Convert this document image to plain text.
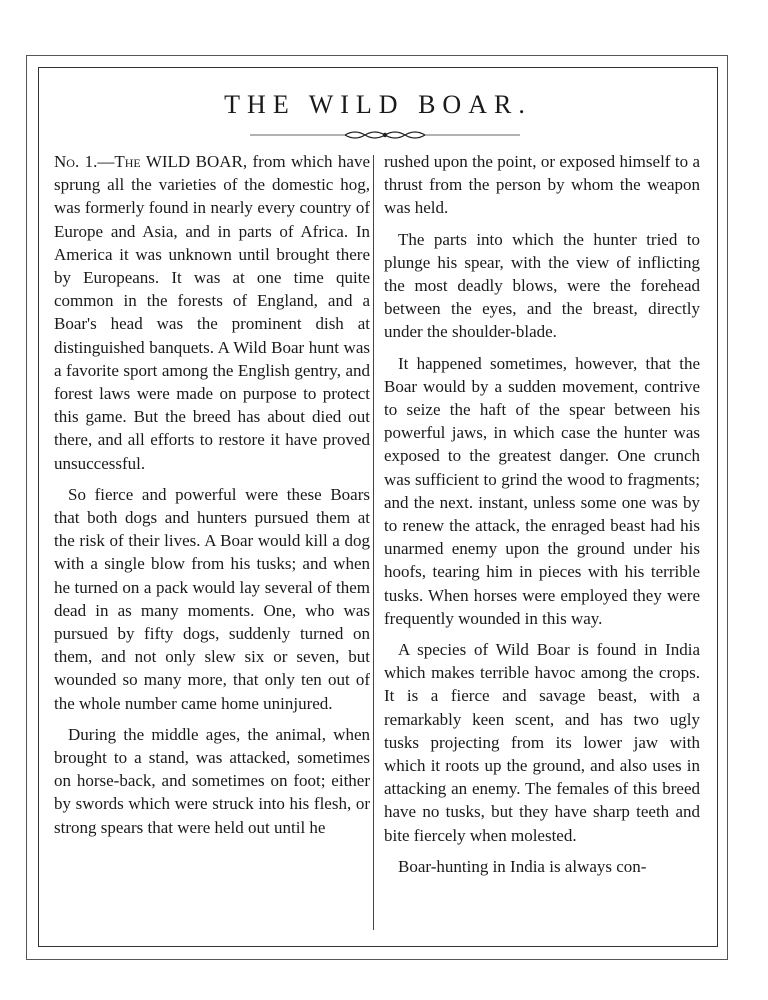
THE WILD BOAR.

No. 1.—The WILD BOAR, from which have sprung all the varieties of the domestic hog, was formerly found in nearly every country of Europe and Asia, and in parts of Africa. In America it was unknown until brought there by Europeans. It was at one time quite common in the forests of England, and a Boar's head was the prominent dish at distinguished banquets. A Wild Boar hunt was a favorite sport among the English gentry, and forest laws were made on purpose to protect this game. But the breed has about died out there, and all efforts to restore it have proved unsuccessful.

So fierce and powerful were these Boars that both dogs and hunters pursued them at the risk of their lives. A Boar would kill a dog with a single blow from his tusks; and when he turned on a pack would lay several of them dead in as many moments. One, who was pursued by fifty dogs, suddenly turned on them, and not only slew six or seven, but wounded so many more, that only ten out of the whole number came home uninjured.

During the middle ages, the animal, when brought to a stand, was attacked, sometimes on horse-back, and sometimes on foot; either by swords which were struck into his flesh, or strong spears that were held out until he

rushed upon the point, or exposed himself to a thrust from the person by whom the weapon was held.

The parts into which the hunter tried to plunge his spear, with the view of inflicting the most deadly blows, were the forehead between the eyes, and the breast, directly under the shoulder-blade.

It happened sometimes, however, that the Boar would by a sudden movement, contrive to seize the haft of the spear between his powerful jaws, in which case the hunter was exposed to the greatest danger. One crunch was sufficient to grind the wood to fragments; and the next. instant, unless some one was by to renew the attack, the enraged beast had his unarmed enemy upon the ground under his hoofs, tearing him in pieces with his terrible tusks. When horses were employed they were frequently wounded in this way.

A species of Wild Boar is found in India which makes terrible havoc among the crops. It is a fierce and savage beast, with a remarkably keen scent, and has two ugly tusks projecting from its lower jaw with which it roots up the ground, and also uses in attacking an enemy. The females of this breed have no tusks, but they have sharp teeth and bite fiercely when molested.

Boar-hunting in India is always con-
